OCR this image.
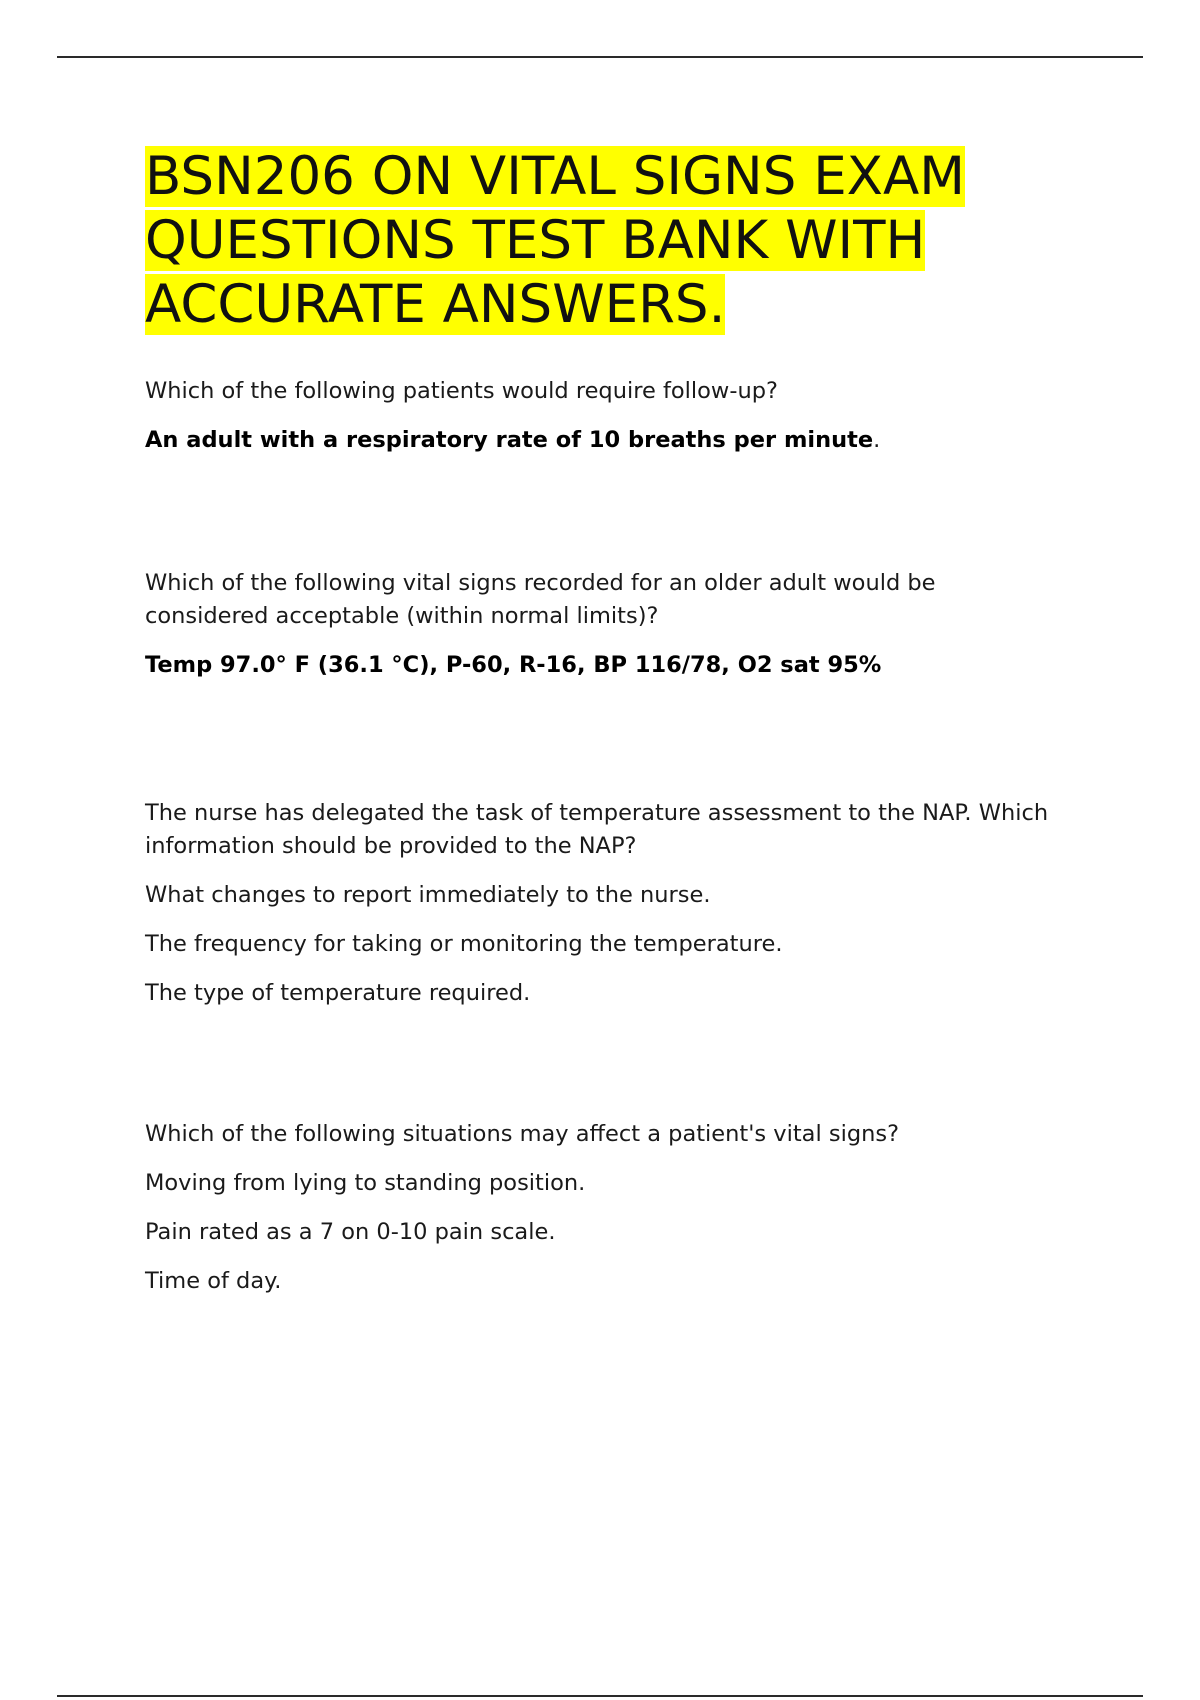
BSN206 ON VITAL SIGNS EXAM QUESTIONS TEST BANK WITH ACCURATE ANSWERS.

Which of the following patients would require follow-up?

An adult with a respiratory rate of 10 breaths per minute.

Which of the following vital signs recorded for an older adult would be considered acceptable (within normal limits)?

Temp 97.0° F (36.1 °C), P-60, R-16, BP 116/78, O2 sat 95%

The nurse has delegated the task of temperature assessment to the NAP. Which information should be provided to the NAP?

What changes to report immediately to the nurse.

The frequency for taking or monitoring the temperature.

The type of temperature required.

Which of the following situations may affect a patient's vital signs?

Moving from lying to standing position.

Pain rated as a 7 on 0-10 pain scale.

Time of day.
